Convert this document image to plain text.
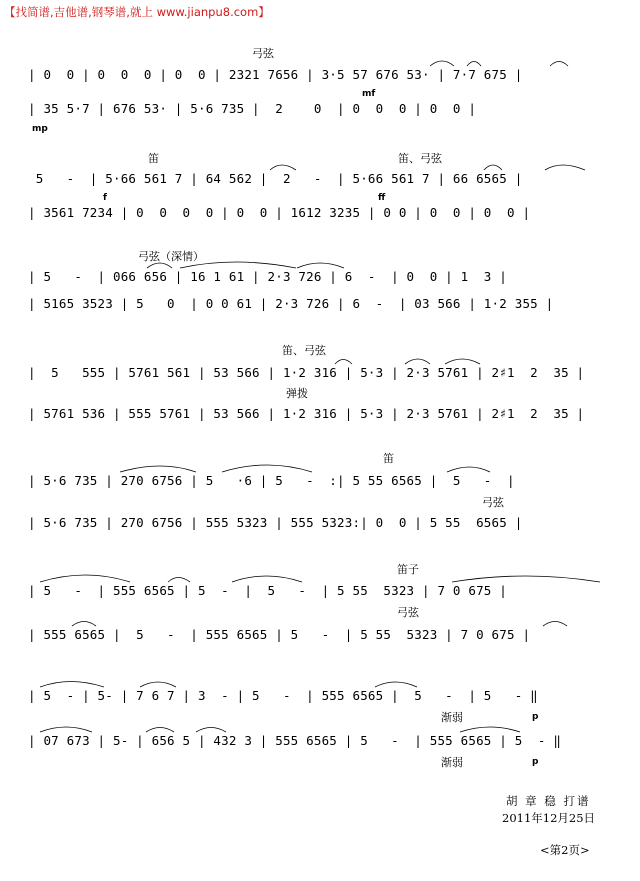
【找简谱,吉他谱,钢琴谱,就上 www.jianpu8.com】
弓弦
| 0  0 | 0  0  0 | 0  0 | 2321 7656 | 3·5 57 676 53· | 7·7 675 |
mf
| 35 5·7 | 676 53· | 5·6 735 |  2    0  | 0  0  0 | 0  0 |
mp
笛	笛、弓弦
5   -  | 5·66 561 7 | 64 562 |  2   -  | 5·66 561 7 | 66 6565 |
f	ff
| 3561 7234 | 0  0  0  0 | 0  0 | 1612 3235 | 0 0 | 0  0 | 0  0 |
弓弦（深情）
| 5   -  | 066 656 | 16 1 61 | 2·3 726 | 6  -  | 0  0 | 1  3 |
| 5165 3523 | 5   0  | 0 0 61 | 2·3 726 | 6  -  | 03 566 | 1·2 355 |
笛、弓弦
|  5   555 | 5761 561 | 53 566 | 1·2 316 | 5·3 | 2·3 5761 | 2♯1  2  35 |
弹拨
| 5761 536 | 555 5761 | 53 566 | 1·2 316 | 5·3 | 2·3 5761 | 2♯1  2  35 |
笛
| 5·6 735 | 270 6756 | 5   ·6 | 5   -  :| 5 55 6565 |  5   -  |
弓弦
| 5·6 735 | 270 6756 | 555 5323 | 555 5323:| 0  0 | 5 55  6565 |
笛子
| 5   -  | 555 6565 | 5  -  |  5   -  | 5 55  5323 | 7 0 675 |
弓弦
| 555 6565 |  5   -  | 555 6565 | 5   -  | 5 55  5323 | 7 0 675 |
| 5  - | 5- | 7 6 7 | 3  - | 5   -  | 555 6565 |  5   -  | 5   - ‖
渐弱	p
| 07 673 | 5- | 656 5 | 432 3 | 555 6565 | 5   -  | 555 6565 | 5  - ‖
渐弱	p
胡 章 稳 打谱
2011年12月25日
<第2页>
